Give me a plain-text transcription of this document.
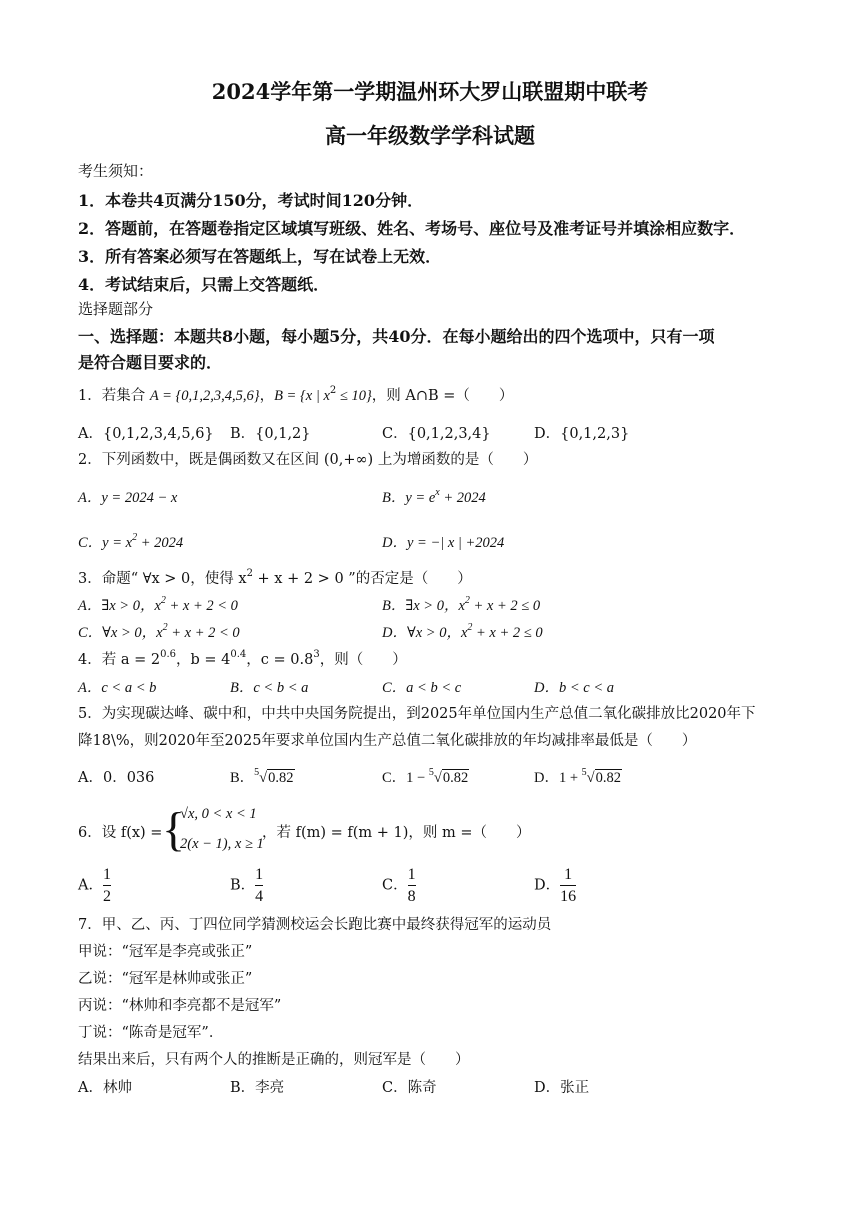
2024学年第一学期温州环大罗山联盟期中联考
高一年级数学学科试题
考生须知：
1．本卷共4页满分150分，考试时间120分钟．
2．答题前，在答题卷指定区域填写班级、姓名、考场号、座位号及准考证号并填涂相应数字．
3．所有答案必须写在答题纸上，写在试卷上无效．
4．考试结束后，只需上交答题纸．
选择题部分
一、选择题：本题共8小题，每小题5分，共40分．在每小题给出的四个选项中，只有一项
是符合题目要求的．
1．若集合 A = {0,1,2,3,4,5,6}，B = {x | $x^2 \le 10$}，则 A∩B =（　　）
A．{0,1,2,3,4,5,6} B．{0,1,2}	C．{0,1,2,3,4}	D．{0,1,2,3}
2．下列函数中，既是偶函数又在区间 (0,+∞) 上为增函数的是（　　）
A．y = 2024 − x	B．$y = e^x + 2024$
C．$y = x^2 + 2024$	D．y = −| x | +2024
3．命题“ ∀x > 0，使得 $x^2 + x + 2 > 0$ ”的否定是（　　）
A．∃x > 0，$x^2 + x + 2 < 0$	B．∃x > 0，$x^2 + x + 2 \le 0$
C．∀x > 0，$x^2 + x + 2 < 0$	D．∀x > 0，$x^2 + x + 2 \le 0$
4．若 $a = 2^{0.6}$，$b = 4^{0.4}$，$c = 0.8^3$，则（　　）
A．c < a < b	B．c < b < a	C．a < b < c	D．b < c < a
5．为实现碳达峰、碳中和，中共中央国务院提出，到2025年单位国内生产总值二氧化碳排放比2020年下
降18\%，则2020年至2025年要求单位国内生产总值二氧化碳排放的年均减排率最低是（　　）
A．0．036	B．$^5$√0.82	C．1 − $^5$√0.82	D．1 + $^5$√0.82
6．设 f(x) = {
√x, 0 < x < 1
2(x − 1), x ≥ 1
，若 f(m) = f(m + 1)，则 m =（　　）
A． $\frac{1}{2}$	B． $\frac{1}{4}$	C． $\frac{1}{8}$	D． $\frac{1}{16}$
7．甲、乙、丙、丁四位同学猜测校运会长跑比赛中最终获得冠军的运动员
甲说：“冠军是李亮或张正”
乙说：“冠军是林帅或张正”
丙说：“林帅和李亮都不是冠军”
丁说：“陈奇是冠军”．
结果出来后，只有两个人的推断是正确的，则冠军是（　　）
A．林帅	B．李亮	C．陈奇	D．张正
